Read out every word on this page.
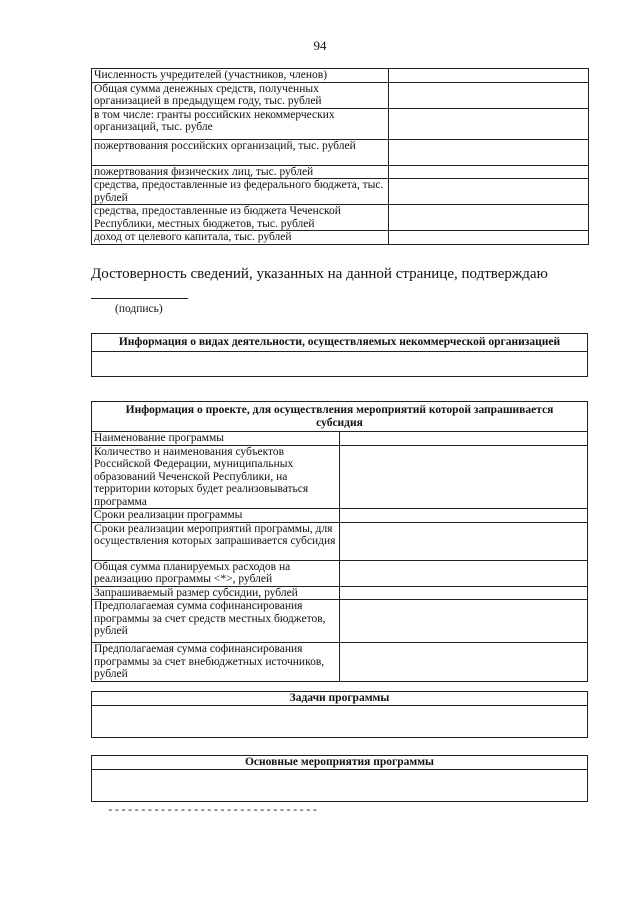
94
Численность учредителей (участников, членов)	
Общая сумма денежных средств, полученных организацией в предыдущем году, тыс. рублей	
в том числе: гранты российских некоммерческих организаций, тыс. рубле	
пожертвования российских организаций, тыс. рублей	
пожертвования физических лиц, тыс. рублей	
средства, предоставленные из федерального бюджета, тыс. рублей	
средства, предоставленные из бюджета Чеченской Республики, местных бюджетов, тыс. рублей	
доход от целевого капитала, тыс. рублей	
Достоверность сведений, указанных на данной странице, подтверждаю
(подпись)
Информация о видах деятельности, осуществляемых некоммерческой организацией

Информация о проекте, для осуществления мероприятий которой запрашивается субсидия	
Наименование программы	
Количество и наименования субъектов Российской Федерации, муниципальных образований Чеченской Республики, на территории которых будет реализовываться программа	
Сроки реализации программы	
Сроки реализации мероприятий программы, для осуществления которых запрашивается субсидия	
Общая сумма планируемых расходов на реализацию программы <*>, рублей	
Запрашиваемый размер субсидии, рублей	
Предполагаемая сумма софинансирования программы за счет средств местных бюджетов, рублей	
Предполагаемая сумма софинансирования программы за счет внебюджетных источников, рублей	
Задачи программы

Основные мероприятия программы

--------------------------------
